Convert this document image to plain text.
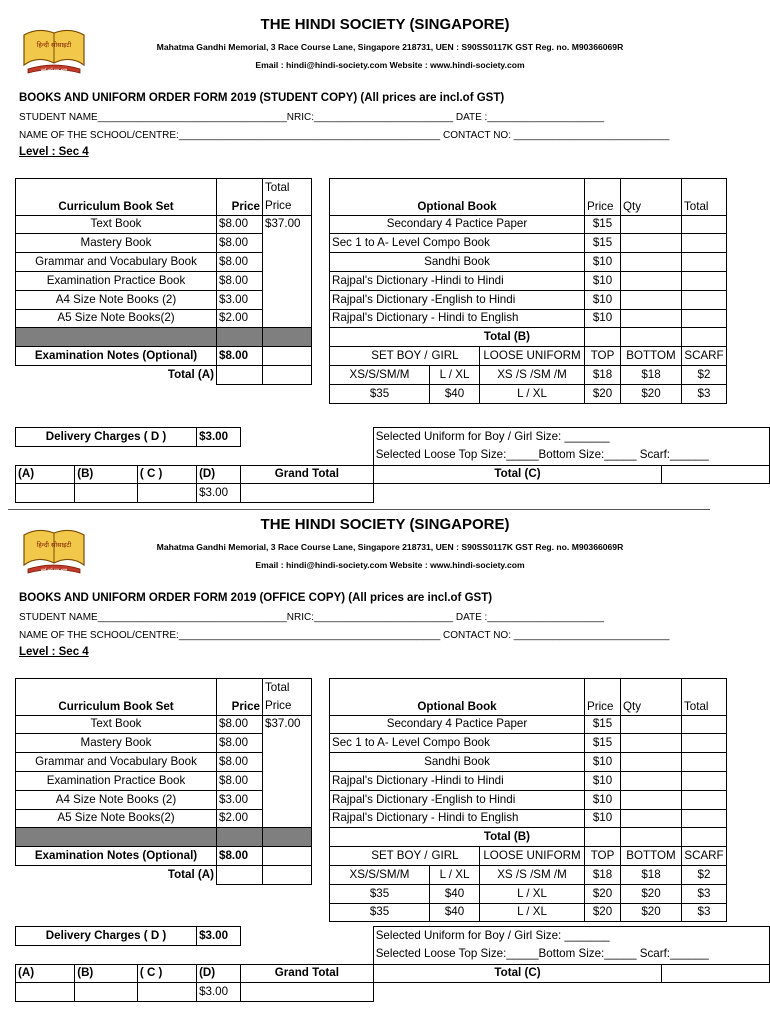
THE HINDI SOCIETY (SINGAPORE)
हिन्दी सोसाइटी
सर्व धर्म सम भाव
Mahatma Gandhi Memorial, 3 Race Course Lane, Singapore 218731, UEN : S90SS0117K GST Reg. no. M90366069R
Email : hindi@hindi-society.com Website : www.hindi-society.com
BOOKS AND UNIFORM ORDER FORM 2019 (STUDENT COPY) (All prices are incl.of GST)
STUDENT NAME__________________________________NRIC:_________________________ DATE :_____________________
NAME OF THE SCHOOL/CENTRE:_______________________________________________ CONTACT NO: ____________________________
Level : Sec 4
Curriculum Book Set	Price	Total		Optional Book			Price	Qty	Total
		Price							
Text Book	$8.00	$37.00		Secondary 4 Pactice Paper			$15		
Mastery Book	$8.00			Sec 1 to A- Level Compo Book			$15		
Grammar and Vocabulary Book	$8.00			Sandhi Book			$10		
Examination Practice Book	$8.00			Rajpal's Dictionary -Hindi to Hindi			$10		
A4 Size Note Books (2)	$3.00			Rajpal's Dictionary -English to Hindi			$10		
A5 Size Note Books(2)	$2.00			Rajpal's Dictionary - Hindi to English			$10		
				Total (B)					
Examination Notes (Optional)	$8.00			SET BOY /	GIRL	LOOSE UNIFORM	TOP	BOTTOM	SCARF
Total (A)				XS/S/SM/M	L / XL	XS /S /SM /M	$18	$18	$2
				$35	$40	L / XL	$20	$20	$3
Delivery Charges ( D )			$3.00		Selected Uniform for Boy / Girl Size: _______	
					Selected Loose Top Size:_____Bottom Size:_____ Scarf:______	
(A)	(B)	( C )	(D)	Grand Total	Total (C)	
			$3.00			
THE HINDI SOCIETY (SINGAPORE)
हिन्दी सोसाइटी
सर्व धर्म सम भाव
Mahatma Gandhi Memorial, 3 Race Course Lane, Singapore 218731, UEN : S90SS0117K GST Reg. no. M90366069R
Email : hindi@hindi-society.com Website : www.hindi-society.com
BOOKS AND UNIFORM ORDER FORM 2019 (OFFICE COPY) (All prices are incl.of GST)
STUDENT NAME__________________________________NRIC:_________________________ DATE :_____________________
NAME OF THE SCHOOL/CENTRE:_______________________________________________ CONTACT NO: ____________________________
Level : Sec 4
Curriculum Book Set	Price	Total		Optional Book			Price	Qty	Total
		Price							
Text Book	$8.00	$37.00		Secondary 4 Pactice Paper			$15		
Mastery Book	$8.00			Sec 1 to A- Level Compo Book			$15		
Grammar and Vocabulary Book	$8.00			Sandhi Book			$10		
Examination Practice Book	$8.00			Rajpal's Dictionary -Hindi to Hindi			$10		
A4 Size Note Books (2)	$3.00			Rajpal's Dictionary -English to Hindi			$10		
A5 Size Note Books(2)	$2.00			Rajpal's Dictionary - Hindi to English			$10		
				Total (B)					
Examination Notes (Optional)	$8.00			SET BOY /	GIRL	LOOSE UNIFORM	TOP	BOTTOM	SCARF
Total (A)				XS/S/SM/M	L / XL	XS /S /SM /M	$18	$18	$2
				$35	$40	L / XL	$20	$20	$3
				$35	$40	L / XL	$20	$20	$3
Delivery Charges ( D )			$3.00		Selected Uniform for Boy / Girl Size: _______	
					Selected Loose Top Size:_____Bottom Size:_____ Scarf:______	
(A)	(B)	( C )	(D)	Grand Total	Total (C)	
			$3.00			
